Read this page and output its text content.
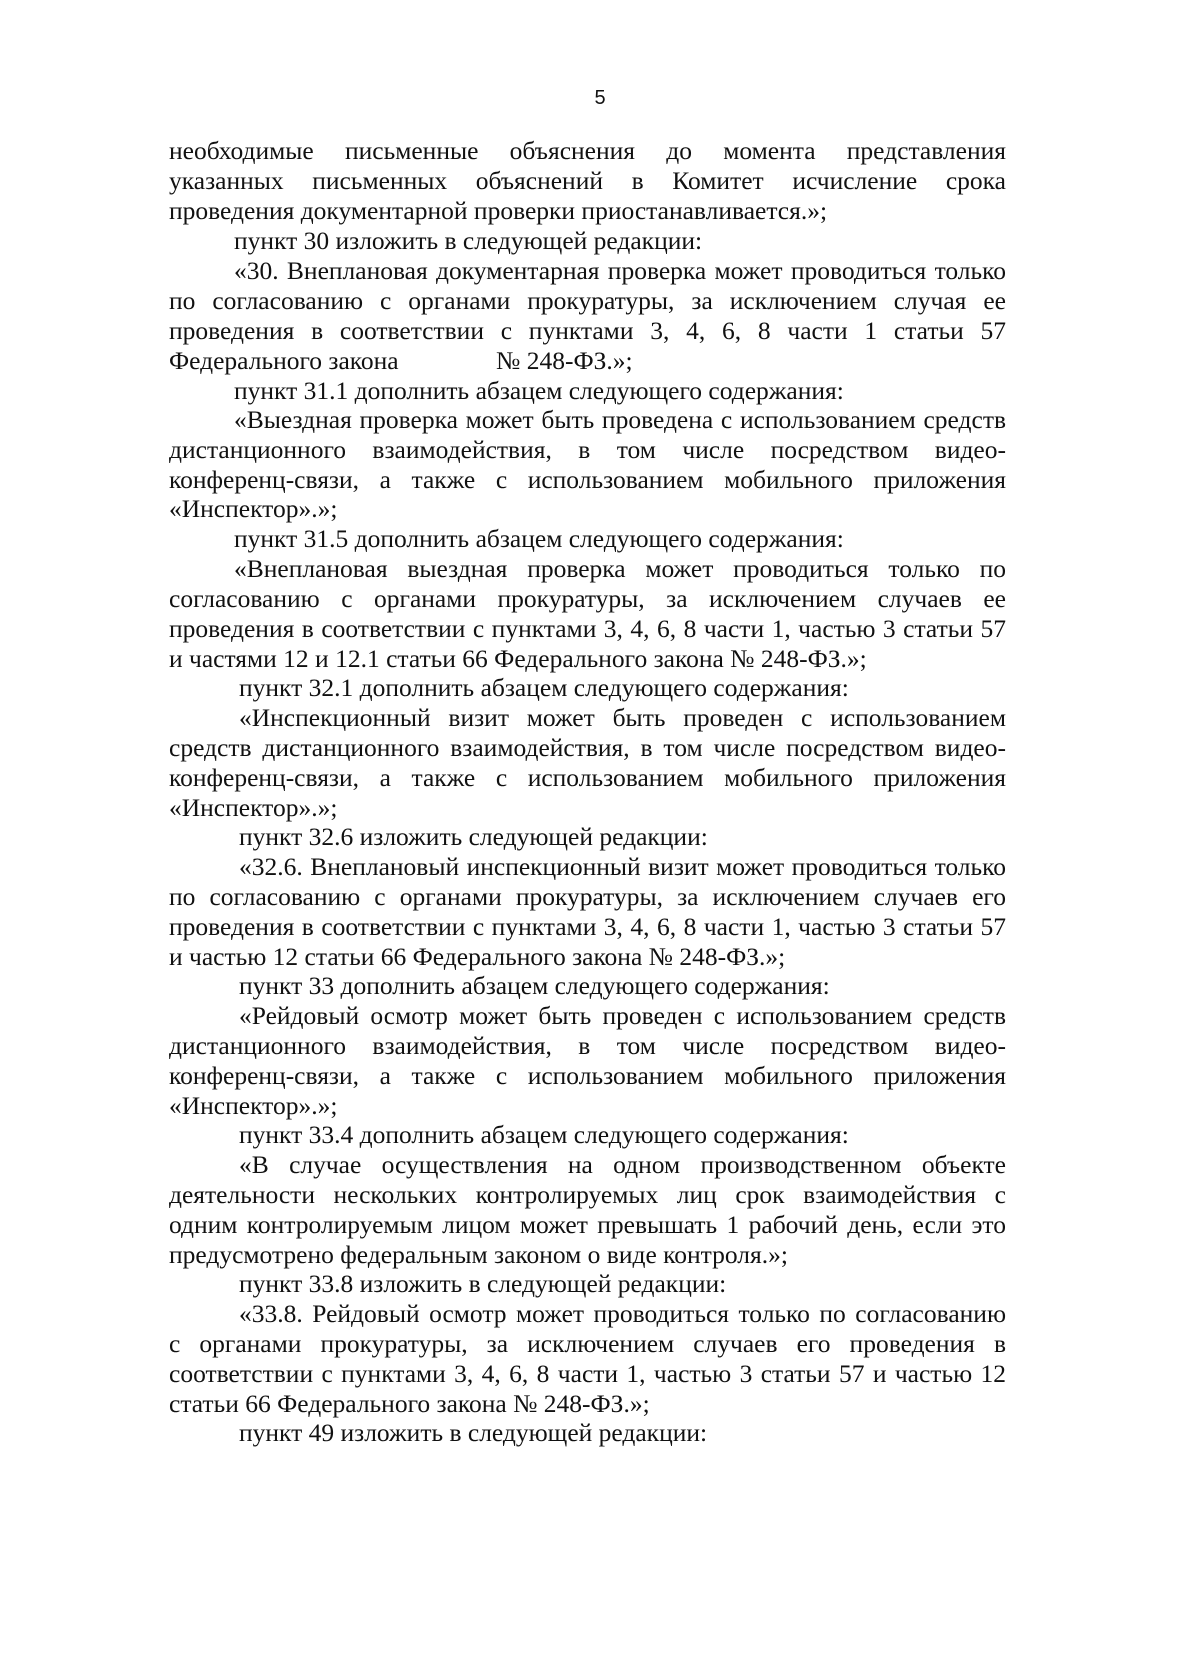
5
необходимые письменные объяснения до момента представления
указанных письменных объяснений в Комитет исчисление срока
проведения документарной проверки приостанавливается.»;
пункт 30 изложить в следующей редакции:
«30. Внеплановая документарная проверка может проводиться только
по согласованию с органами прокуратуры, за исключением случая ее
проведения в соответствии с пунктами 3, 4, 6, 8 части 1 статьи 57
Федерального закона	№ 248-ФЗ.»;
пункт 31.1 дополнить абзацем следующего содержания:
«Выездная проверка может быть проведена с использованием средств
дистанционного взаимодействия, в том числе посредством видео-
конференц-связи, а также с использованием мобильного приложения
«Инспектор».»;
пункт 31.5 дополнить абзацем следующего содержания:
«Внеплановая выездная проверка может проводиться только по
согласованию с органами прокуратуры, за исключением случаев ее
проведения в соответствии с пунктами 3, 4, 6, 8 части 1, частью 3 статьи 57
и частями 12 и 12.1 статьи 66 Федерального закона № 248-ФЗ.»;
пункт 32.1 дополнить абзацем следующего содержания:
«Инспекционный визит может быть проведен с использованием
средств дистанционного взаимодействия, в том числе посредством видео-
конференц-связи, а также с использованием мобильного приложения
«Инспектор».»;
пункт 32.6 изложить следующей редакции:
«32.6. Внеплановый инспекционный визит может проводиться только
по согласованию с органами прокуратуры, за исключением случаев его
проведения в соответствии с пунктами 3, 4, 6, 8 части 1, частью 3 статьи 57
и частью 12 статьи 66 Федерального закона № 248-ФЗ.»;
пункт 33 дополнить абзацем следующего содержания:
«Рейдовый осмотр может быть проведен с использованием средств
дистанционного взаимодействия, в том числе посредством видео-
конференц-связи, а также с использованием мобильного приложения
«Инспектор».»;
пункт 33.4 дополнить абзацем следующего содержания:
«В случае осуществления на одном производственном объекте
деятельности нескольких контролируемых лиц срок взаимодействия с
одним контролируемым лицом может превышать 1 рабочий день, если это
предусмотрено федеральным законом о виде контроля.»;
пункт 33.8 изложить в следующей редакции:
«33.8. Рейдовый осмотр может проводиться только по согласованию
с органами прокуратуры, за исключением случаев его проведения в
соответствии с пунктами 3, 4, 6, 8 части 1, частью 3 статьи 57 и частью 12
статьи 66 Федерального закона № 248-ФЗ.»;
пункт 49 изложить в следующей редакции:
